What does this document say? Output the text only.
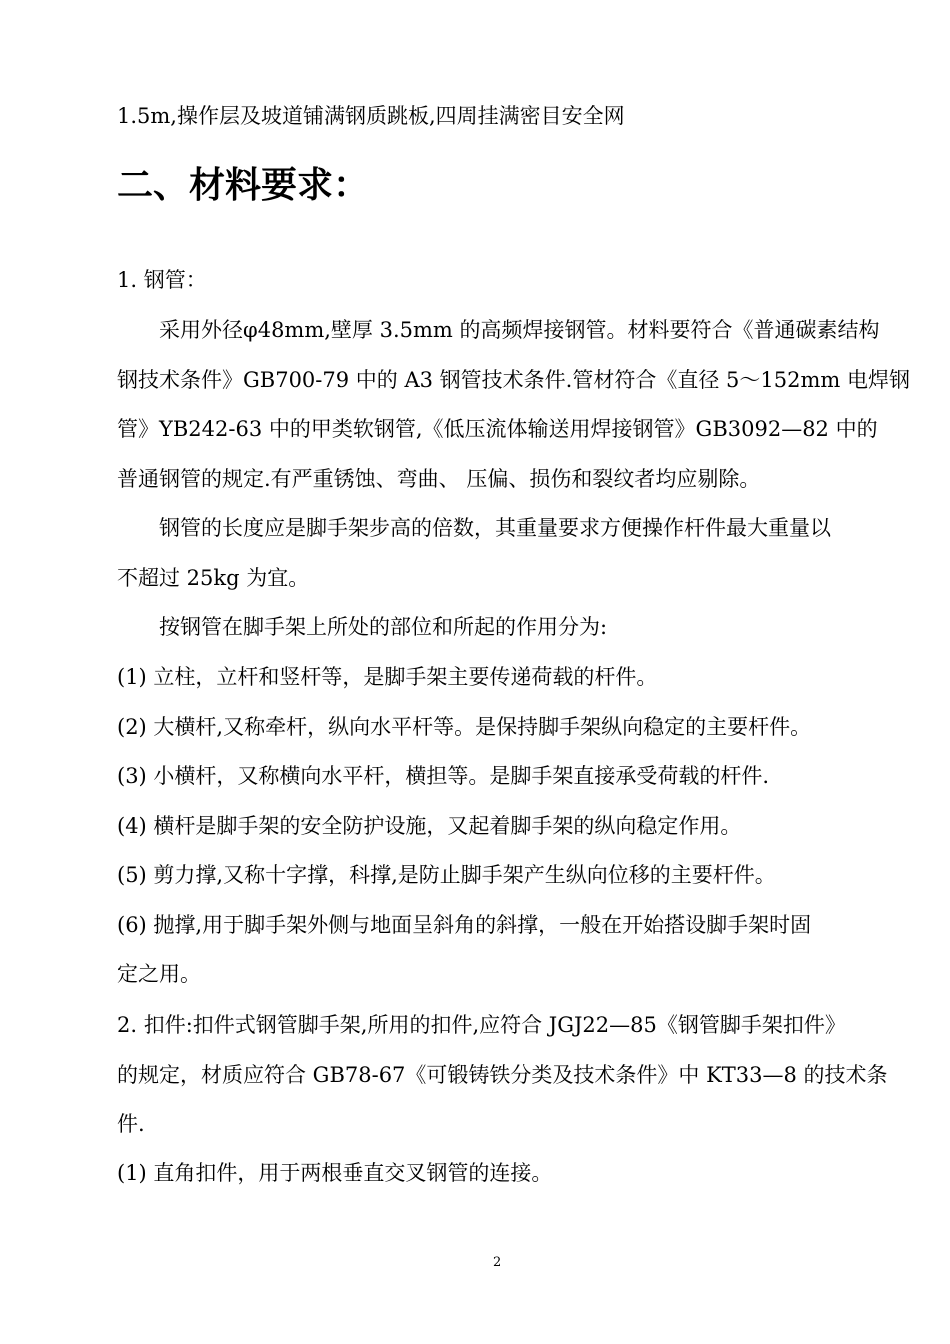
1.5m,操作层及坡道铺满钢质跳板,四周挂满密目安全网
二、材料要求：
1. 钢管：
采用外径φ48mm,壁厚 3.5mm 的高频焊接钢管。材料要符合《普通碳素结构
钢技术条件》GB700-79 中的 A3 钢管技术条件.管材符合《直径 5～152mm 电焊钢
管》YB242-63 中的甲类软钢管,《低压流体输送用焊接钢管》GB3092—82 中的
普通钢管的规定.有严重锈蚀、弯曲、 压偏、损伤和裂纹者均应剔除。
钢管的长度应是脚手架步高的倍数，其重量要求方便操作杆件最大重量以
不超过 25kg 为宜。
按钢管在脚手架上所处的部位和所起的作用分为:
(1) 立柱，立杆和竖杆等，是脚手架主要传递荷载的杆件。
(2) 大横杆,又称牵杆，纵向水平杆等。是保持脚手架纵向稳定的主要杆件。
(3) 小横杆，又称横向水平杆，横担等。是脚手架直接承受荷载的杆件.
(4) 横杆是脚手架的安全防护设施，又起着脚手架的纵向稳定作用。
(5) 剪力撑,又称十字撑，科撑,是防止脚手架产生纵向位移的主要杆件。
(6) 抛撑,用于脚手架外侧与地面呈斜角的斜撑，一般在开始搭设脚手架时固
定之用。
2. 扣件:扣件式钢管脚手架,所用的扣件,应符合 JGJ22—85《钢管脚手架扣件》
的规定，材质应符合 GB78-67《可锻铸铁分类及技术条件》中 KT33—8 的技术条
件.
(1) 直角扣件，用于两根垂直交叉钢管的连接。
2
